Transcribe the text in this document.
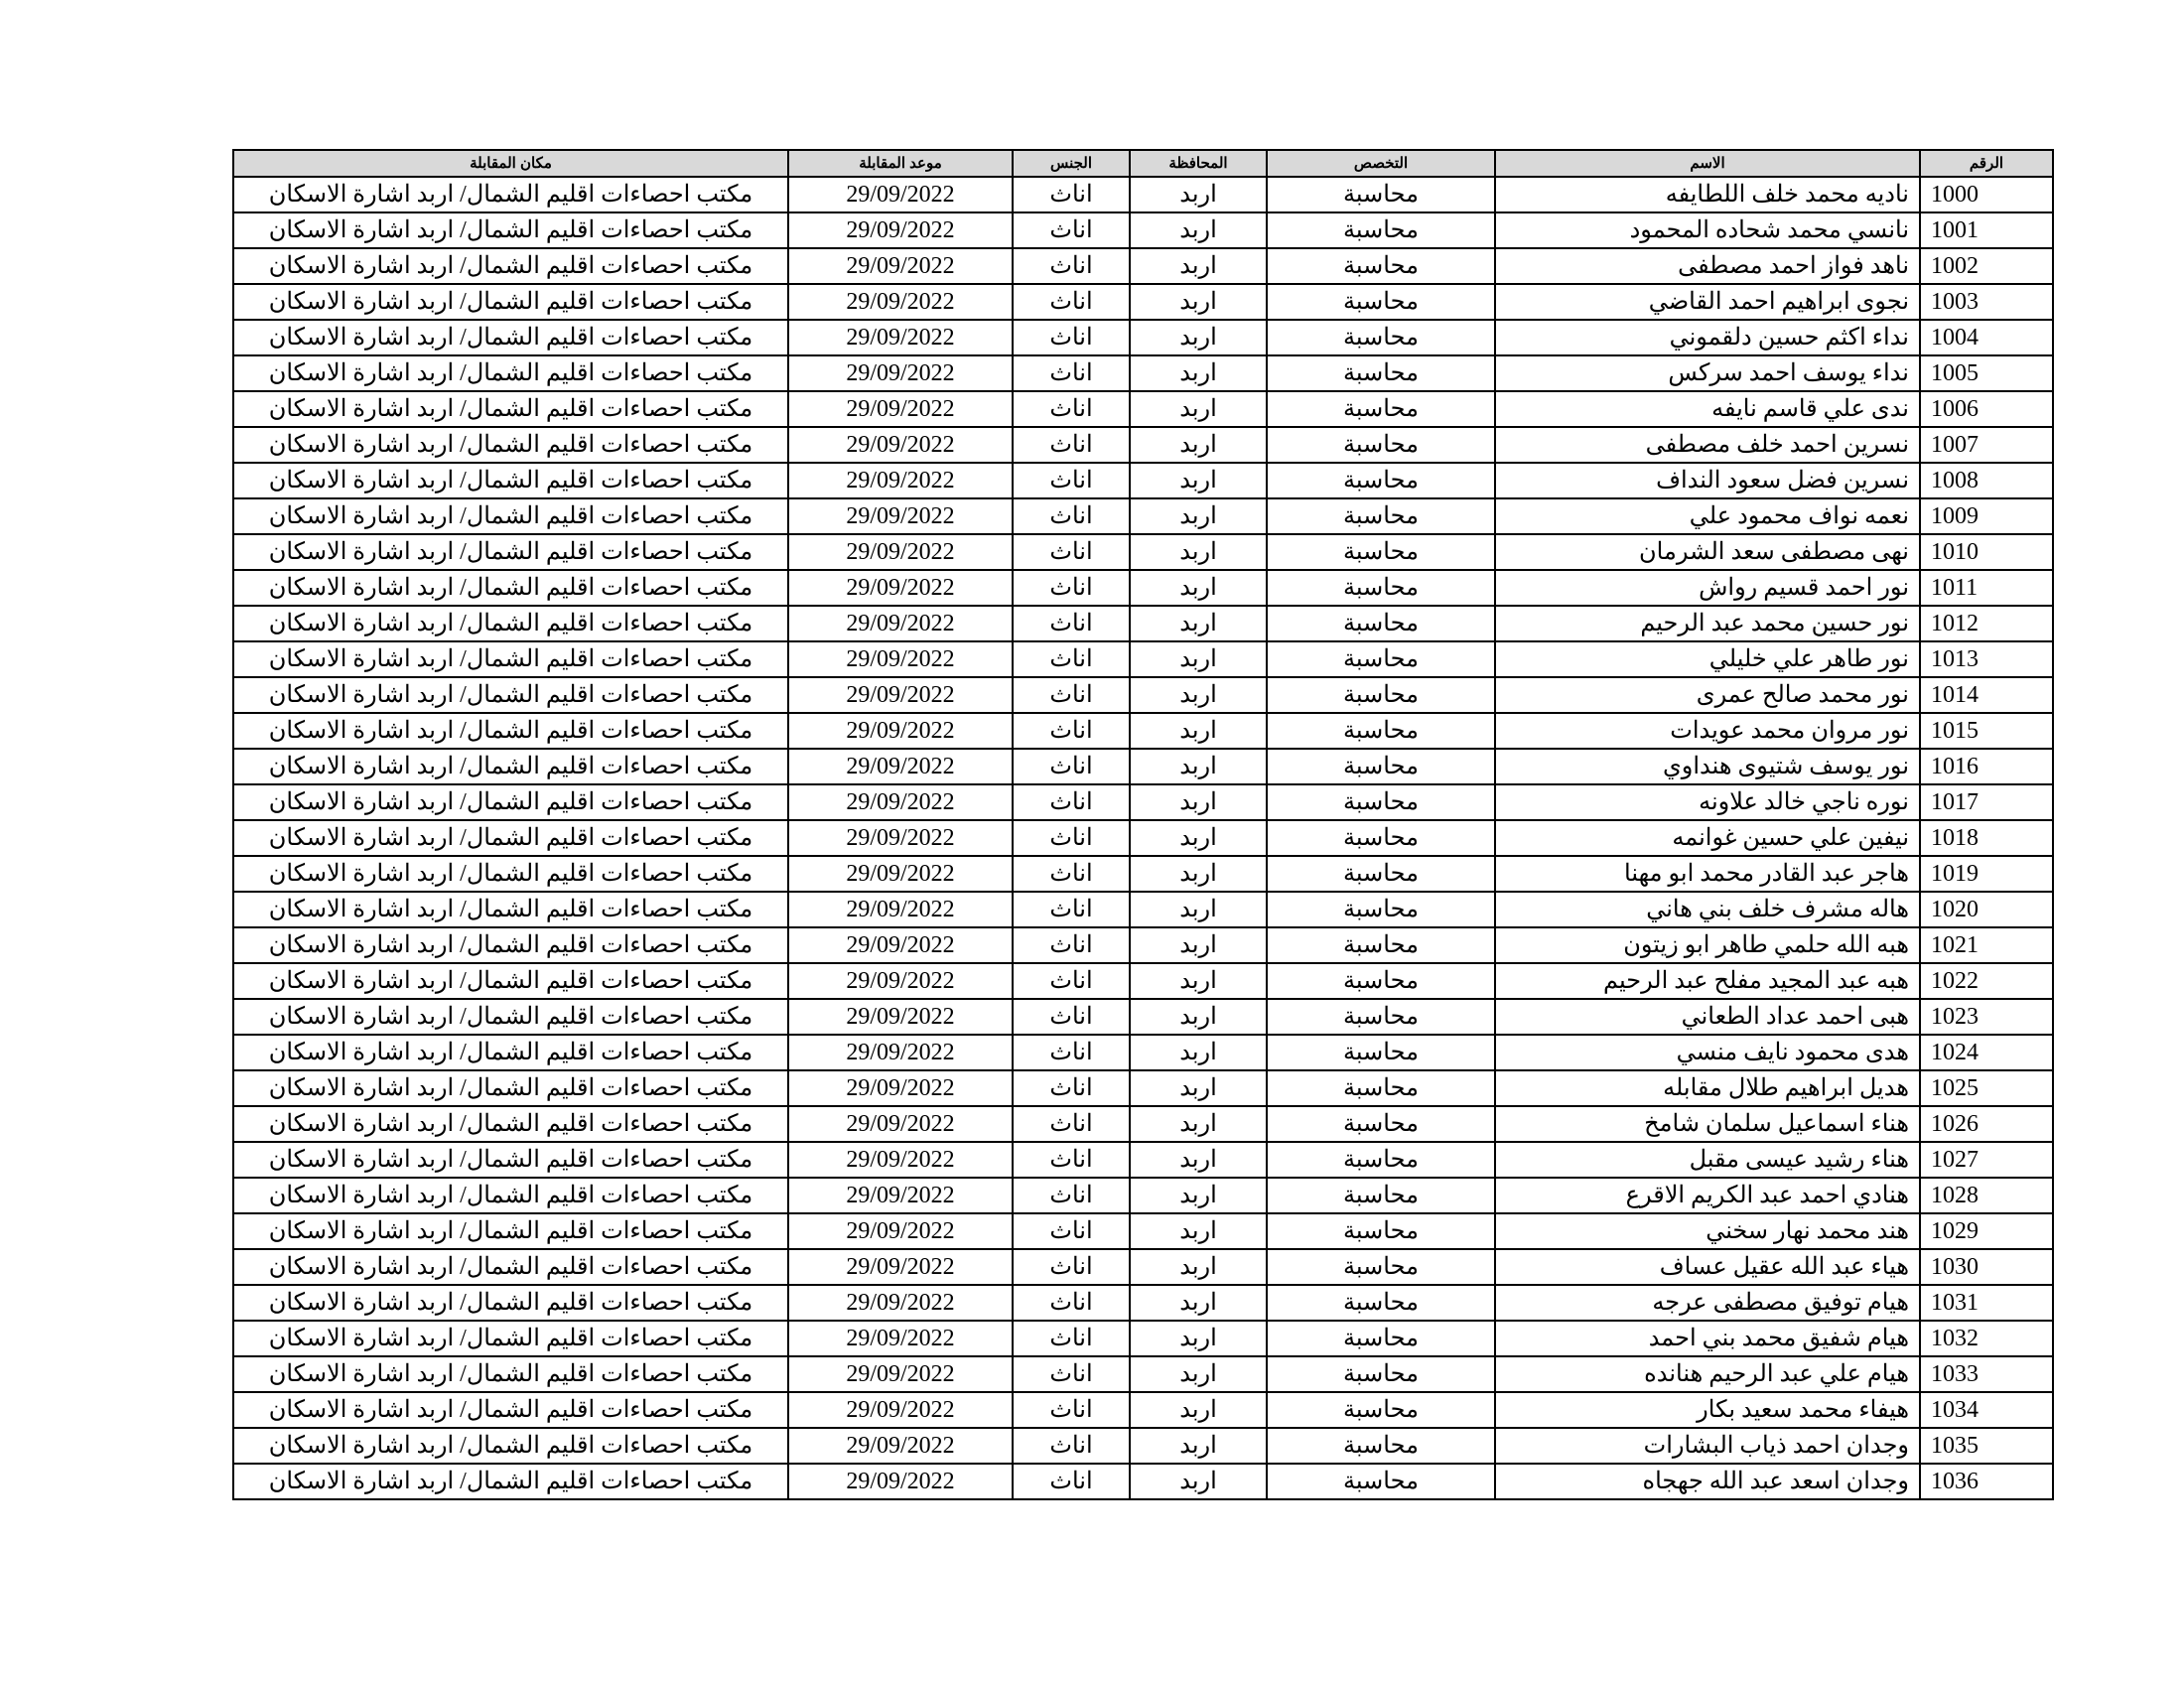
الرقم	الاسم	التخصص	المحافظة	الجنس	موعد المقابلة	مكان المقابلة
1000	ناديه محمد خلف اللطايفه	محاسبة	اربد	اناث	29/09/2022	مكتب احصاءات اقليم الشمال/ اربد اشارة الاسكان
1001	نانسي محمد شحاده المحمود	محاسبة	اربد	اناث	29/09/2022	مكتب احصاءات اقليم الشمال/ اربد اشارة الاسكان
1002	ناهد فواز احمد مصطفى	محاسبة	اربد	اناث	29/09/2022	مكتب احصاءات اقليم الشمال/ اربد اشارة الاسكان
1003	نجوى ابراهيم احمد القاضي	محاسبة	اربد	اناث	29/09/2022	مكتب احصاءات اقليم الشمال/ اربد اشارة الاسكان
1004	نداء اكثم حسين دلقموني	محاسبة	اربد	اناث	29/09/2022	مكتب احصاءات اقليم الشمال/ اربد اشارة الاسكان
1005	نداء يوسف احمد سركس	محاسبة	اربد	اناث	29/09/2022	مكتب احصاءات اقليم الشمال/ اربد اشارة الاسكان
1006	ندى علي قاسم نايفه	محاسبة	اربد	اناث	29/09/2022	مكتب احصاءات اقليم الشمال/ اربد اشارة الاسكان
1007	نسرين احمد خلف مصطفى	محاسبة	اربد	اناث	29/09/2022	مكتب احصاءات اقليم الشمال/ اربد اشارة الاسكان
1008	نسرين فضل سعود النداف	محاسبة	اربد	اناث	29/09/2022	مكتب احصاءات اقليم الشمال/ اربد اشارة الاسكان
1009	نعمه نواف محمود علي	محاسبة	اربد	اناث	29/09/2022	مكتب احصاءات اقليم الشمال/ اربد اشارة الاسكان
1010	نهى مصطفى سعد الشرمان	محاسبة	اربد	اناث	29/09/2022	مكتب احصاءات اقليم الشمال/ اربد اشارة الاسكان
1011	نور احمد قسيم رواش	محاسبة	اربد	اناث	29/09/2022	مكتب احصاءات اقليم الشمال/ اربد اشارة الاسكان
1012	نور حسين محمد عبد الرحيم	محاسبة	اربد	اناث	29/09/2022	مكتب احصاءات اقليم الشمال/ اربد اشارة الاسكان
1013	نور طاهر علي خليلي	محاسبة	اربد	اناث	29/09/2022	مكتب احصاءات اقليم الشمال/ اربد اشارة الاسكان
1014	نور محمد صالح عمرى	محاسبة	اربد	اناث	29/09/2022	مكتب احصاءات اقليم الشمال/ اربد اشارة الاسكان
1015	نور مروان محمد عويدات	محاسبة	اربد	اناث	29/09/2022	مكتب احصاءات اقليم الشمال/ اربد اشارة الاسكان
1016	نور يوسف شتيوى هنداوي	محاسبة	اربد	اناث	29/09/2022	مكتب احصاءات اقليم الشمال/ اربد اشارة الاسكان
1017	نوره ناجي خالد علاونه	محاسبة	اربد	اناث	29/09/2022	مكتب احصاءات اقليم الشمال/ اربد اشارة الاسكان
1018	نيفين علي حسين غوانمه	محاسبة	اربد	اناث	29/09/2022	مكتب احصاءات اقليم الشمال/ اربد اشارة الاسكان
1019	هاجر عبد القادر محمد ابو مهنا	محاسبة	اربد	اناث	29/09/2022	مكتب احصاءات اقليم الشمال/ اربد اشارة الاسكان
1020	هاله مشرف خلف بني هاني	محاسبة	اربد	اناث	29/09/2022	مكتب احصاءات اقليم الشمال/ اربد اشارة الاسكان
1021	هبه الله حلمي طاهر ابو زيتون	محاسبة	اربد	اناث	29/09/2022	مكتب احصاءات اقليم الشمال/ اربد اشارة الاسكان
1022	هبه عبد المجيد مفلح عبد الرحيم	محاسبة	اربد	اناث	29/09/2022	مكتب احصاءات اقليم الشمال/ اربد اشارة الاسكان
1023	هبى احمد عداد الطعاني	محاسبة	اربد	اناث	29/09/2022	مكتب احصاءات اقليم الشمال/ اربد اشارة الاسكان
1024	هدى محمود نايف منسي	محاسبة	اربد	اناث	29/09/2022	مكتب احصاءات اقليم الشمال/ اربد اشارة الاسكان
1025	هديل ابراهيم طلال مقابله	محاسبة	اربد	اناث	29/09/2022	مكتب احصاءات اقليم الشمال/ اربد اشارة الاسكان
1026	هناء اسماعيل سلمان شامخ	محاسبة	اربد	اناث	29/09/2022	مكتب احصاءات اقليم الشمال/ اربد اشارة الاسكان
1027	هناء رشيد عيسى مقبل	محاسبة	اربد	اناث	29/09/2022	مكتب احصاءات اقليم الشمال/ اربد اشارة الاسكان
1028	هنادي احمد عبد الكريم الاقرع	محاسبة	اربد	اناث	29/09/2022	مكتب احصاءات اقليم الشمال/ اربد اشارة الاسكان
1029	هند محمد نهار سخني	محاسبة	اربد	اناث	29/09/2022	مكتب احصاءات اقليم الشمال/ اربد اشارة الاسكان
1030	هياء عبد الله عقيل عساف	محاسبة	اربد	اناث	29/09/2022	مكتب احصاءات اقليم الشمال/ اربد اشارة الاسكان
1031	هيام توفيق مصطفى عرجه	محاسبة	اربد	اناث	29/09/2022	مكتب احصاءات اقليم الشمال/ اربد اشارة الاسكان
1032	هيام شفيق محمد بني احمد	محاسبة	اربد	اناث	29/09/2022	مكتب احصاءات اقليم الشمال/ اربد اشارة الاسكان
1033	هيام علي عبد الرحيم هنانده	محاسبة	اربد	اناث	29/09/2022	مكتب احصاءات اقليم الشمال/ اربد اشارة الاسكان
1034	هيفاء محمد سعيد بكار	محاسبة	اربد	اناث	29/09/2022	مكتب احصاءات اقليم الشمال/ اربد اشارة الاسكان
1035	وجدان احمد ذياب البشارات	محاسبة	اربد	اناث	29/09/2022	مكتب احصاءات اقليم الشمال/ اربد اشارة الاسكان
1036	وجدان اسعد عبد الله جهجاه	محاسبة	اربد	اناث	29/09/2022	مكتب احصاءات اقليم الشمال/ اربد اشارة الاسكان
